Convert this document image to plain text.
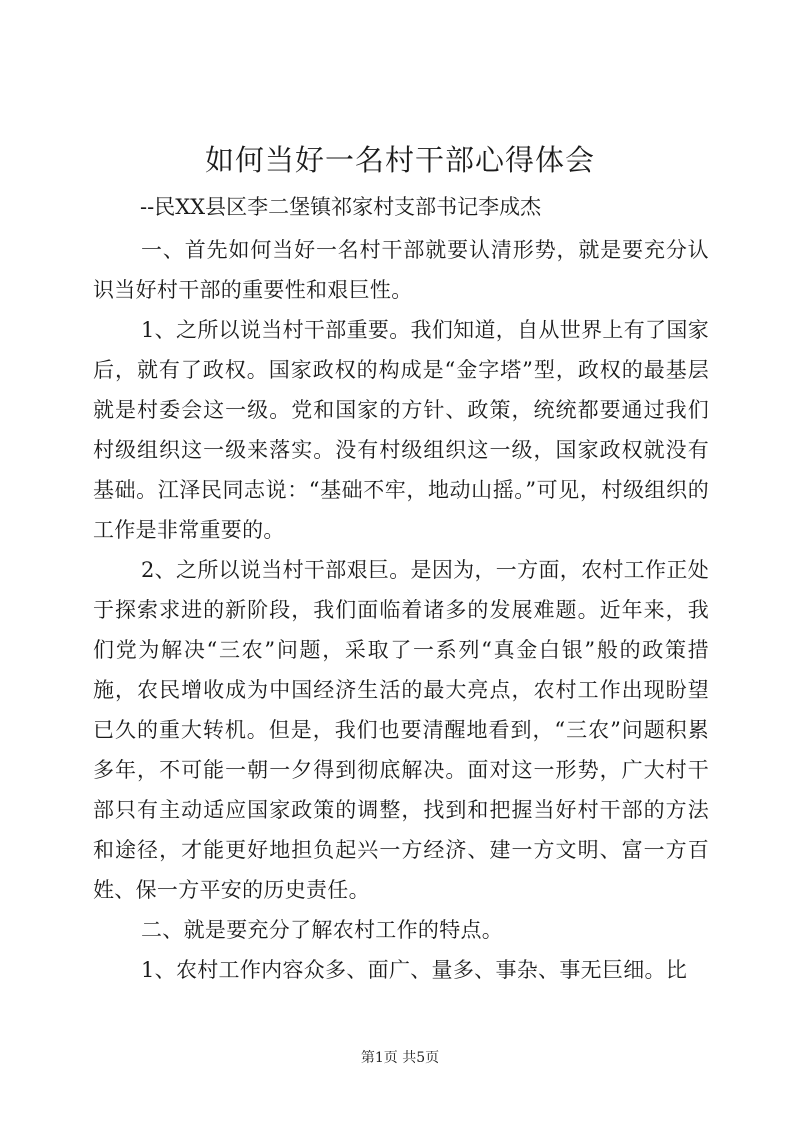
如何当好一名村干部心得体会
--民XX县区李二堡镇祁家村支部书记李成杰

一、首先如何当好一名村干部就要认清形势，就是要充分认识当好村干部的重要性和艰巨性。

1、之所以说当村干部重要。我们知道，自从世界上有了国家后，就有了政权。国家政权的构成是“金字塔”型，政权的最基层就是村委会这一级。党和国家的方针、政策，统统都要通过我们村级组织这一级来落实。没有村级组织这一级，国家政权就没有基础。江泽民同志说：“基础不牢，地动山摇。”可见，村级组织的工作是非常重要的。

2、之所以说当村干部艰巨。是因为，一方面，农村工作正处于探索求进的新阶段，我们面临着诸多的发展难题。近年来，我们党为解决“三农”问题，采取了一系列“真金白银”般的政策措施，农民增收成为中国经济生活的最大亮点，农村工作出现盼望已久的重大转机。但是，我们也要清醒地看到，“三农”问题积累多年，不可能一朝一夕得到彻底解决。面对这一形势，广大村干部只有主动适应国家政策的调整，找到和把握当好村干部的方法和途径，才能更好地担负起兴一方经济、建一方文明、富一方百姓、保一方平安的历史责任。

二、就是要充分了解农村工作的特点。

1、农村工作内容众多、面广、量多、事杂、事无巨细。比

第1页 共5页
